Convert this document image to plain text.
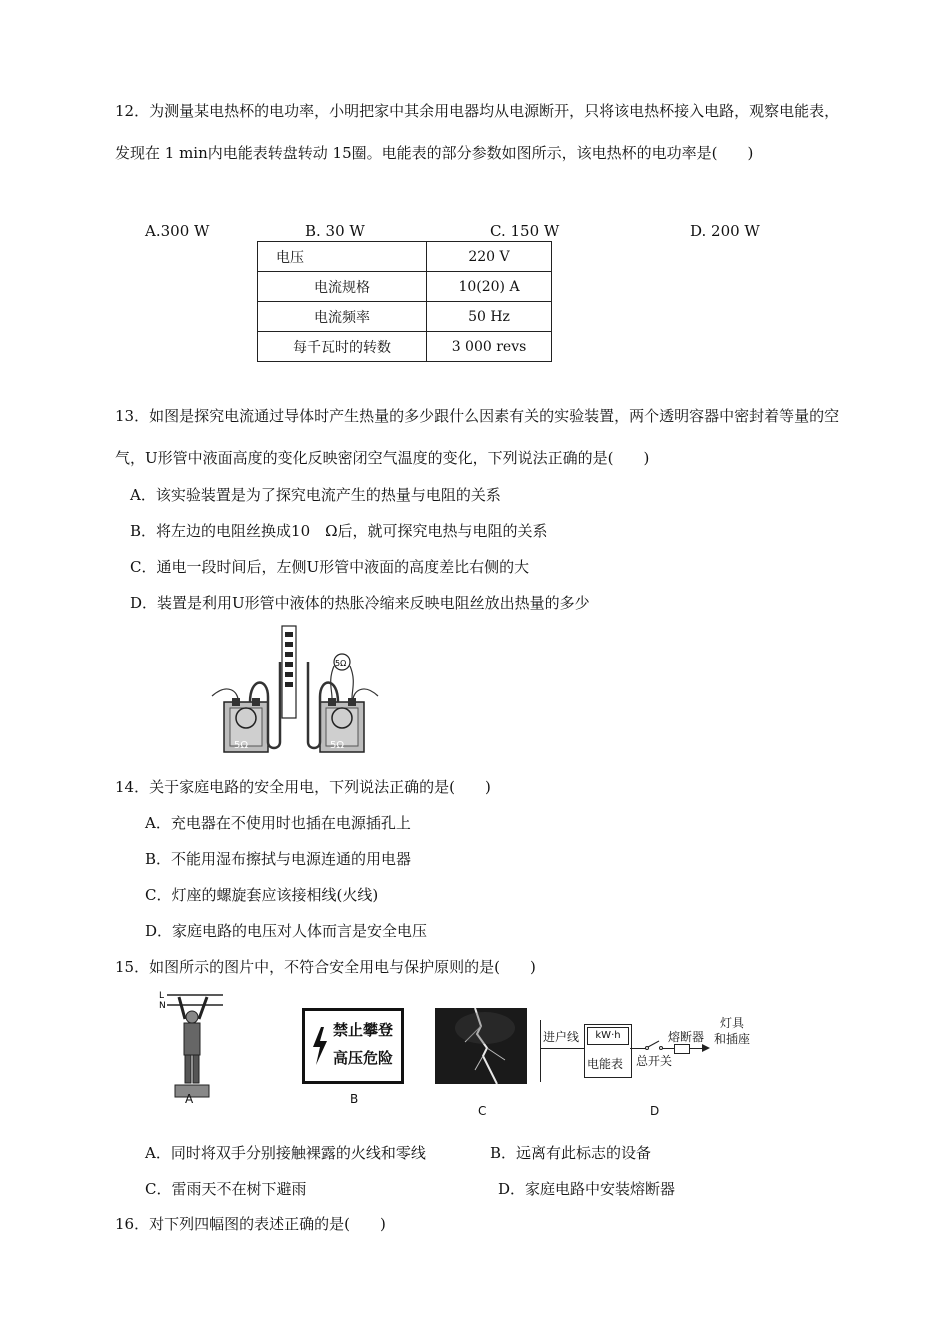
12．为测量某电热杯的电功率，小明把家中其余用电器均从电源断开，只将该电热杯接入电路，观察电能表，发现在 1 min内电能表转盘转动 15圈。电能表的部分参数如图所示，该电热杯的电功率是(　　)
A.300 W	B. 30 W	C. 150 W	D. 200 W
电压	220 V
电流规格	10(20) A
电流频率	50 Hz
每千瓦时的转数	3 000 revs
13．如图是探究电流通过导体时产生热量的多少跟什么因素有关的实验装置，两个透明容器中密封着等量的空气，U形管中液面高度的变化反映密闭空气温度的变化，下列说法正确的是(　　)
A．该实验装置是为了探究电流产生的热量与电阻的关系
B．将左边的电阻丝换成10　Ω后，就可探究电热与电阻的关系
C．通电一段时间后，左侧U形管中液面的高度差比右侧的大
D．装置是利用U形管中液体的热胀冷缩来反映电阻丝放出热量的多少
5Ω	5Ω
5Ω
14．关于家庭电路的安全用电，下列说法正确的是(　　)
A．充电器在不使用时也插在电源插孔上
B．不能用湿布擦拭与电源连通的用电器
C．灯座的螺旋套应该接相线(火线)
D．家庭电路的电压对人体而言是安全电压
15．如图所示的图片中，不符合安全用电与保护原则的是(　　)
L
N
A
禁止攀登
高压危险
B
C
进户线	kW·h
电能表 总开关
熔断器
灯具
和插座
D
A．同时将双手分别接触裸露的火线和零线	B．远离有此标志的设备
C．雷雨天不在树下避雨	D．家庭电路中安装熔断器
16．对下列四幅图的表述正确的是(　　)
